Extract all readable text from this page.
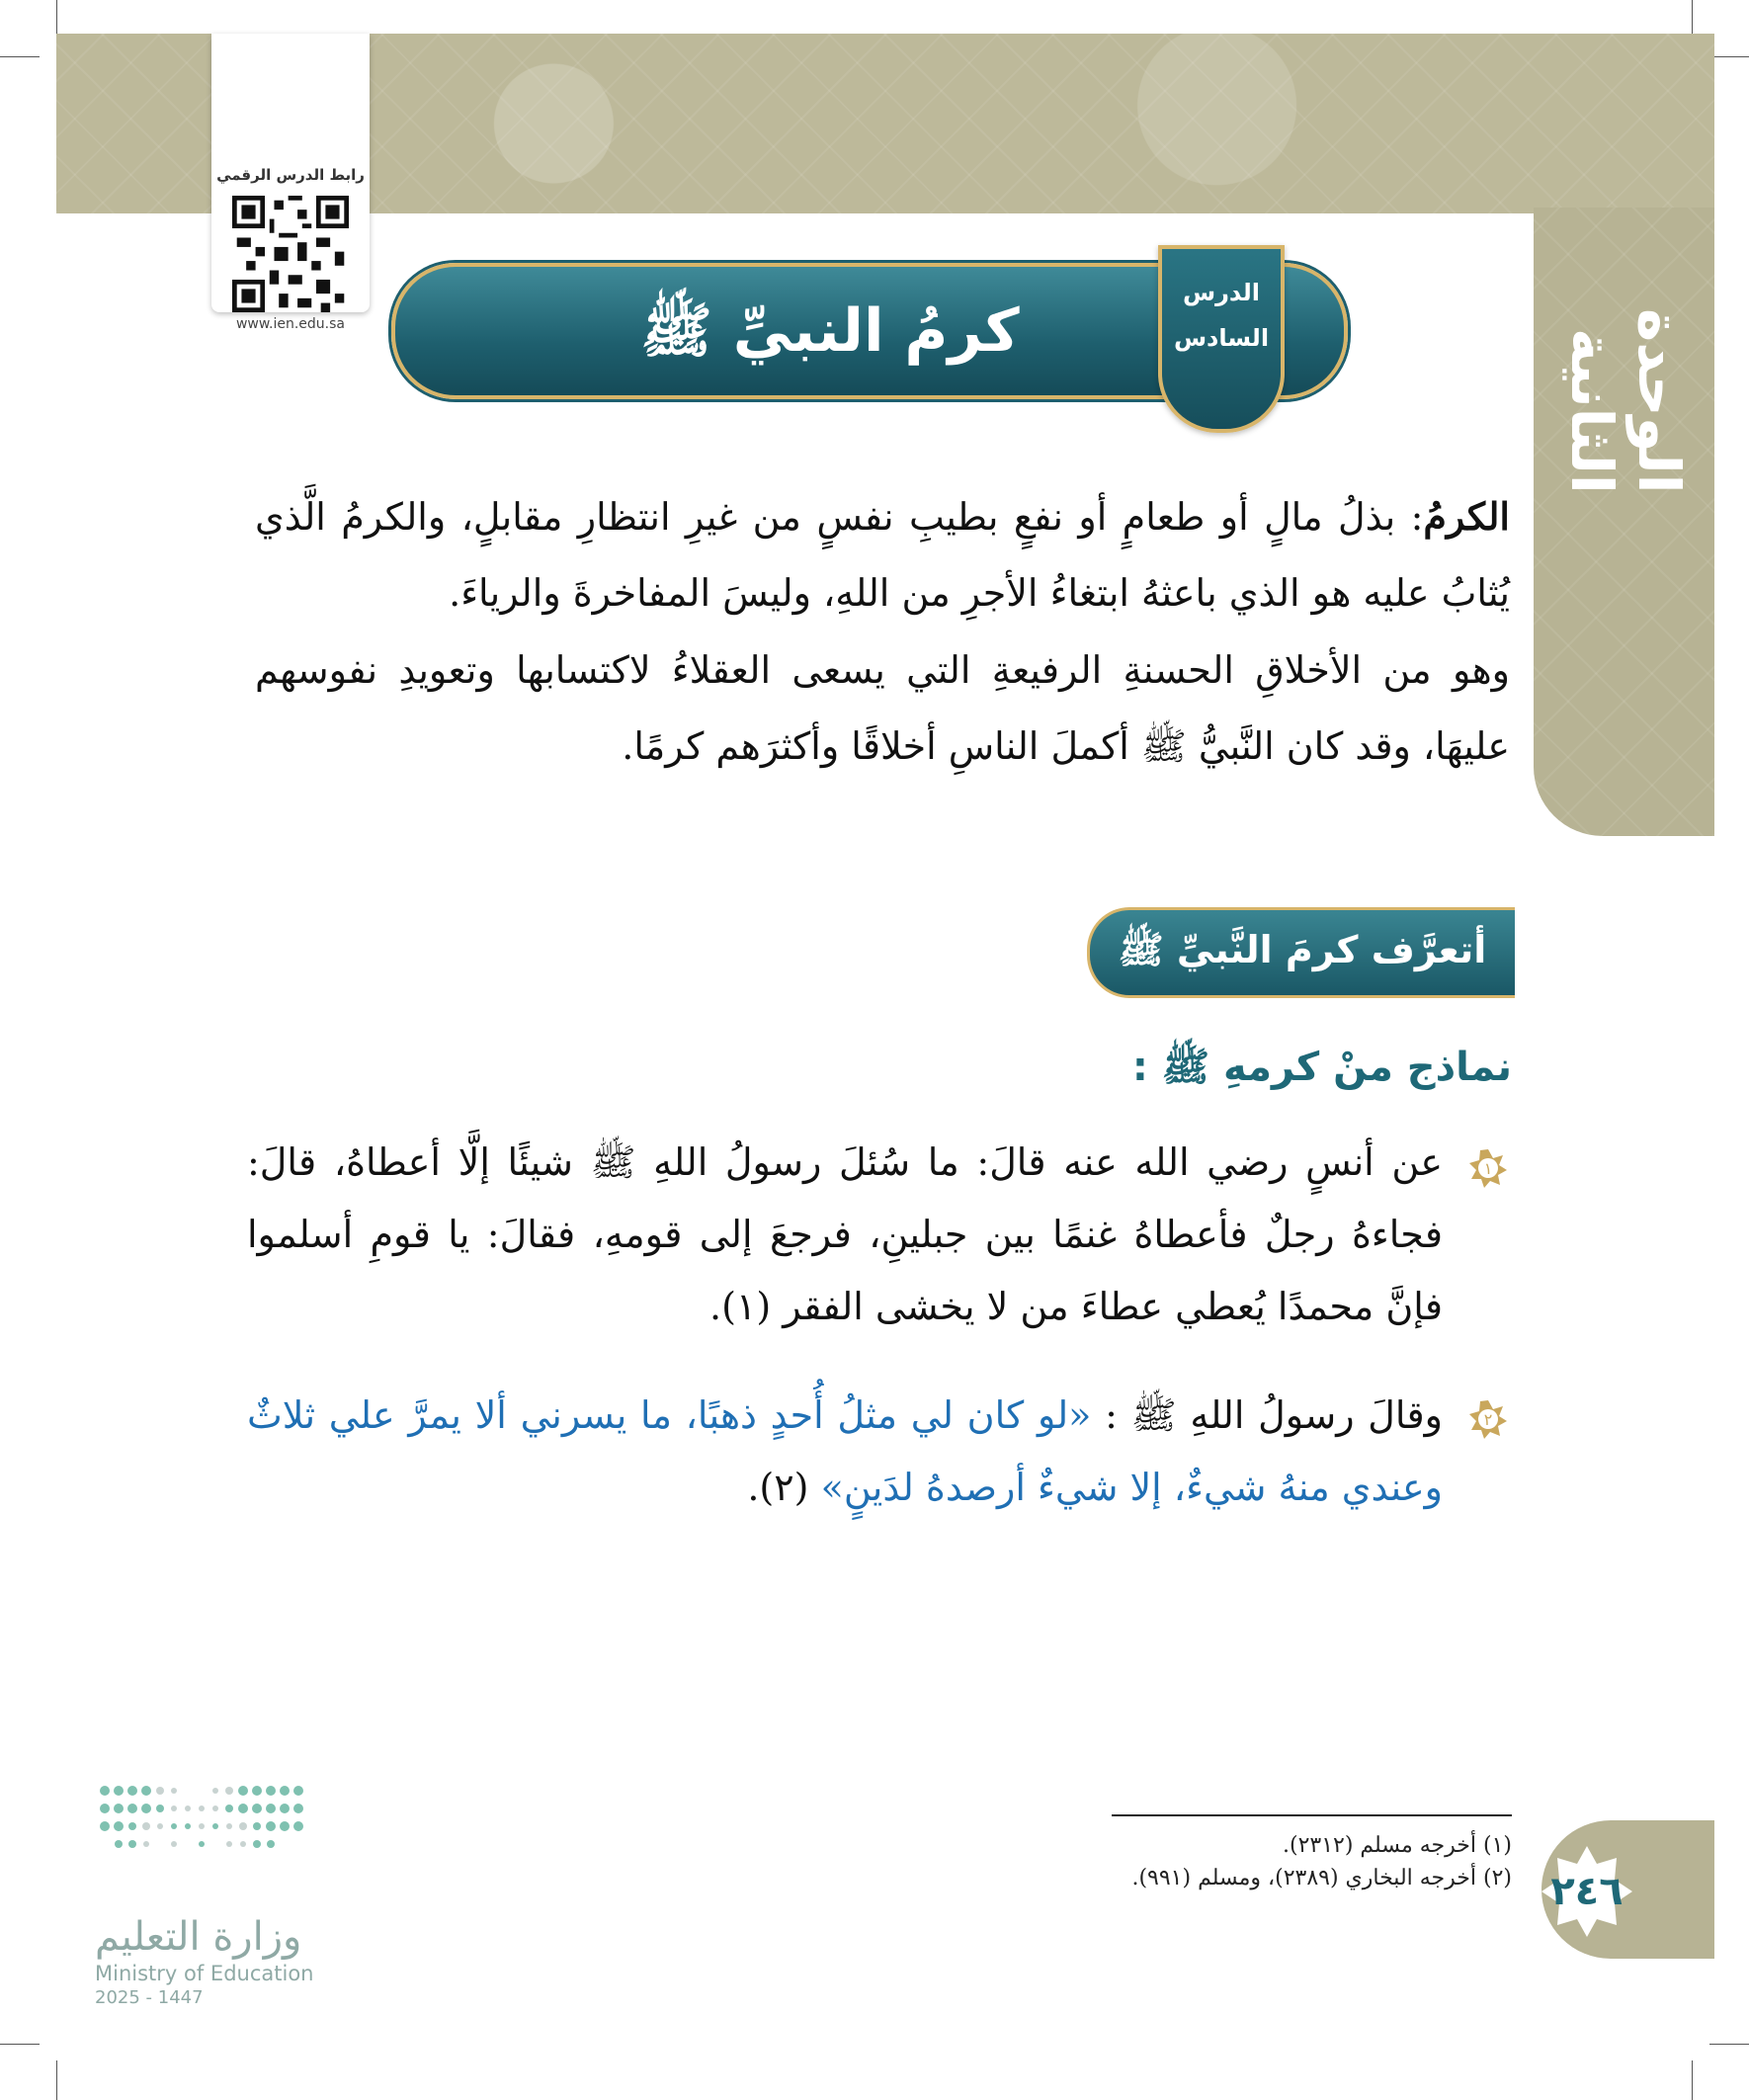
الوحدة الثانية
رابط الدرس الرقمي
www.ien.edu.sa	كرمُ النبيِّ ﷺ
الدرس
السادس
الكرمُ: بذلُ مالٍ أو طعامٍ أو نفعٍ بطيبِ نفسٍ من غيرِ انتظارِ مقابلٍ، والكرمُ الَّذي يُثابُ عليه هو الذي باعثهُ ابتغاءُ الأجرِ من اللهِ، وليسَ المفاخرةَ والرياءَ.
وهو من الأخلاقِ الحسنةِ الرفيعةِ التي يسعى العقلاءُ لاكتسابها وتعويدِ نفوسهم عليهَا، وقد كان النَّبيُّ ﷺ أكملَ الناسِ أخلاقًا وأكثرَهم كرمًا.
أتعرَّف كرمَ النَّبيِّ ﷺ
نماذج منْ كرمهِ ﷺ :
١
عن أنسٍ رضي الله عنه قالَ: ما سُئلَ رسولُ اللهِ ﷺ شيئًا إلَّا أعطاهُ، قالَ: فجاءهُ رجلٌ فأعطاهُ غنمًا بين جبلينِ، فرجعَ إلى قومهِ، فقالَ: يا قومِ أسلموا فإنَّ محمدًا يُعطي عطاءَ من لا يخشى الفقر (١).
٢
وقالَ رسولُ اللهِ ﷺ : «لو كان لي مثلُ أُحدٍ ذهبًا، ما يسرني ألا يمرَّ علي ثلاثٌ وعندي منهُ شيءٌ، إلا شيءٌ أرصدهُ لدَينٍ» (٢).
(١) أخرجه مسلم (٢٣١٢).
(٢) أخرجه البخاري (٢٣٨٩)، ومسلم (٩٩١). ٢٤٦
وزارة التعليم
Ministry of Education
2025 - 1447
